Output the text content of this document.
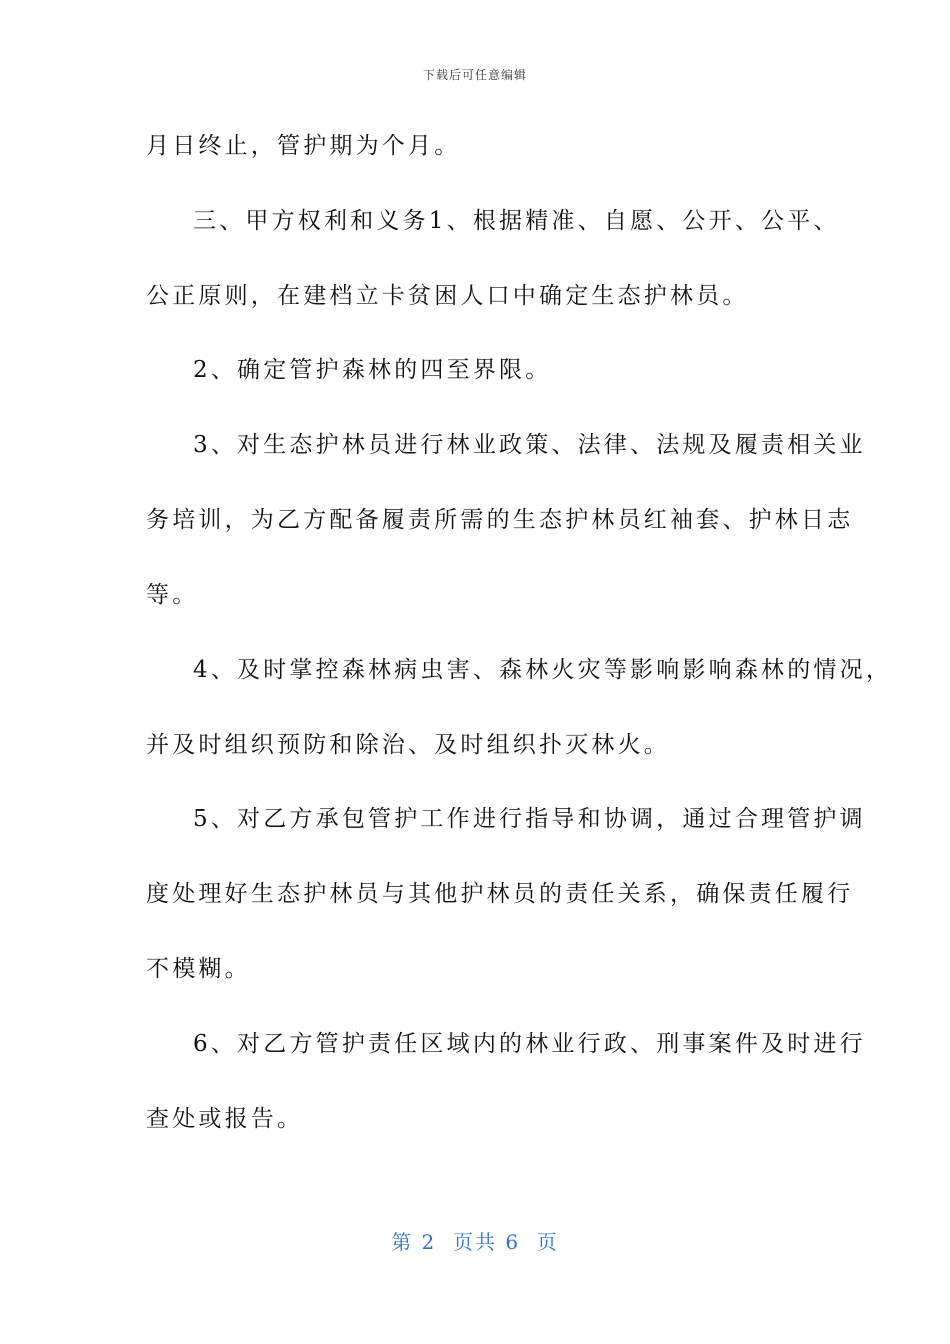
下载后可任意编辑
月日终止，管护期为个月。
三、甲方权利和义务1、根据精准、自愿、公开、公平、
公正原则，在建档立卡贫困人口中确定生态护林员。
2、确定管护森林的四至界限。
3、对生态护林员进行林业政策、法律、法规及履责相关业
务培训，为乙方配备履责所需的生态护林员红袖套、护林日志
等。
4、及时掌控森林病虫害、森林火灾等影响影响森林的情况，
并及时组织预防和除治、及时组织扑灭林火。
5、对乙方承包管护工作进行指导和协调，通过合理管护调
度处理好生态护林员与其他护林员的责任关系，确保责任履行
不模糊。
6、对乙方管护责任区域内的林业行政、刑事案件及时进行
查处或报告。
第 2  页共 6  页
